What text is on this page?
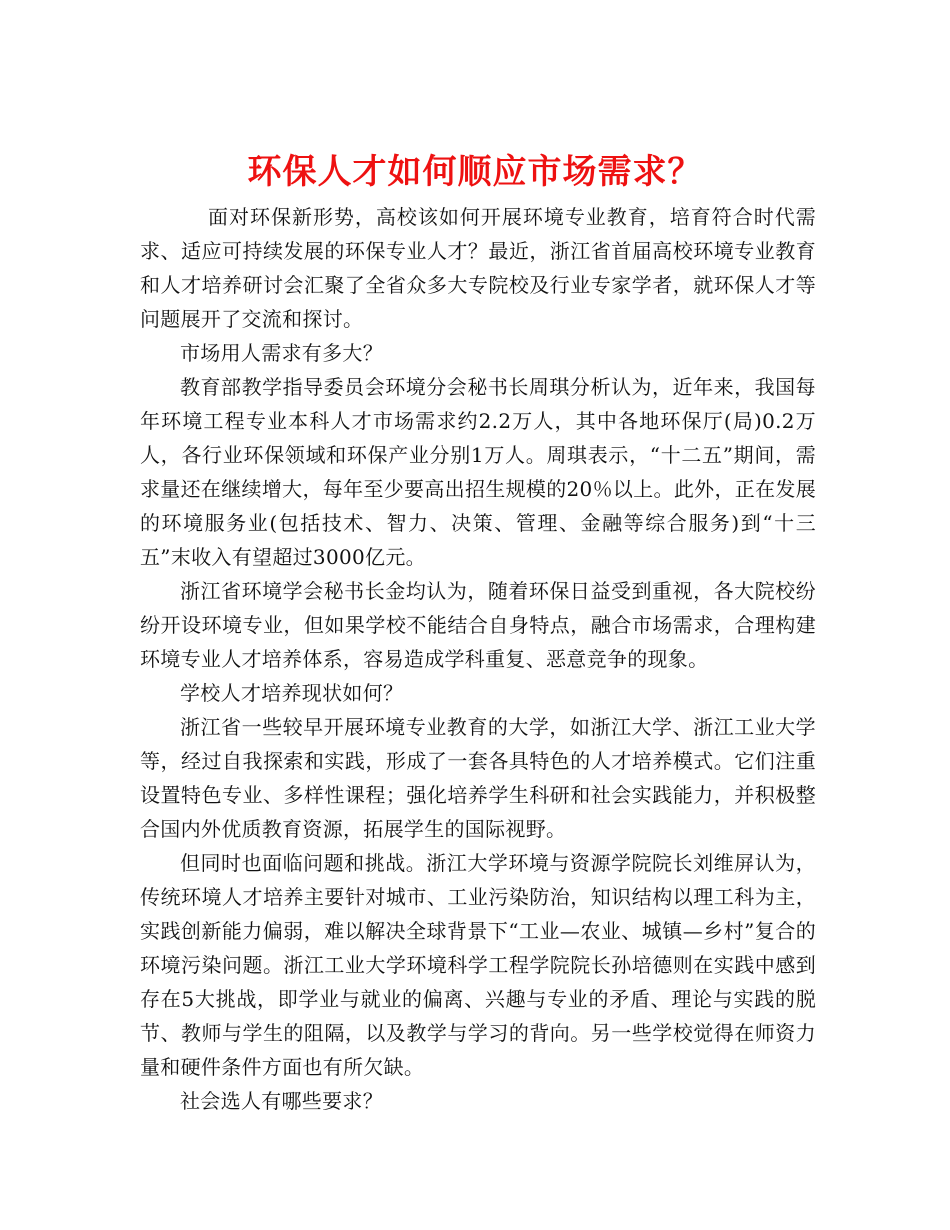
环保人才如何顺应市场需求？

面对环保新形势，高校该如何开展环境专业教育，培育符合时代需求、适应可持续发展的环保专业人才？最近，浙江省首届高校环境专业教育和人才培养研讨会汇聚了全省众多大专院校及行业专家学者，就环保人才等问题展开了交流和探讨。

市场用人需求有多大？

教育部教学指导委员会环境分会秘书长周琪分析认为，近年来，我国每年环境工程专业本科人才市场需求约2.2万人，其中各地环保厅(局)0.2万人，各行业环保领域和环保产业分别1万人。周琪表示，“十二五”期间，需求量还在继续增大，每年至少要高出招生规模的20％以上。此外，正在发展的环境服务业(包括技术、智力、决策、管理、金融等综合服务)到“十三五”末收入有望超过3000亿元。

浙江省环境学会秘书长金均认为，随着环保日益受到重视，各大院校纷纷开设环境专业，但如果学校不能结合自身特点，融合市场需求，合理构建环境专业人才培养体系，容易造成学科重复、恶意竞争的现象。

学校人才培养现状如何？

浙江省一些较早开展环境专业教育的大学，如浙江大学、浙江工业大学等，经过自我探索和实践，形成了一套各具特色的人才培养模式。它们注重设置特色专业、多样性课程；强化培养学生科研和社会实践能力，并积极整合国内外优质教育资源，拓展学生的国际视野。

但同时也面临问题和挑战。浙江大学环境与资源学院院长刘维屏认为，传统环境人才培养主要针对城市、工业污染防治，知识结构以理工科为主，实践创新能力偏弱，难以解决全球背景下“工业—农业、城镇—乡村”复合的环境污染问题。浙江工业大学环境科学工程学院院长孙培德则在实践中感到存在5大挑战，即学业与就业的偏离、兴趣与专业的矛盾、理论与实践的脱节、教师与学生的阻隔，以及教学与学习的背向。另一些学校觉得在师资力量和硬件条件方面也有所欠缺。

社会选人有哪些要求？
